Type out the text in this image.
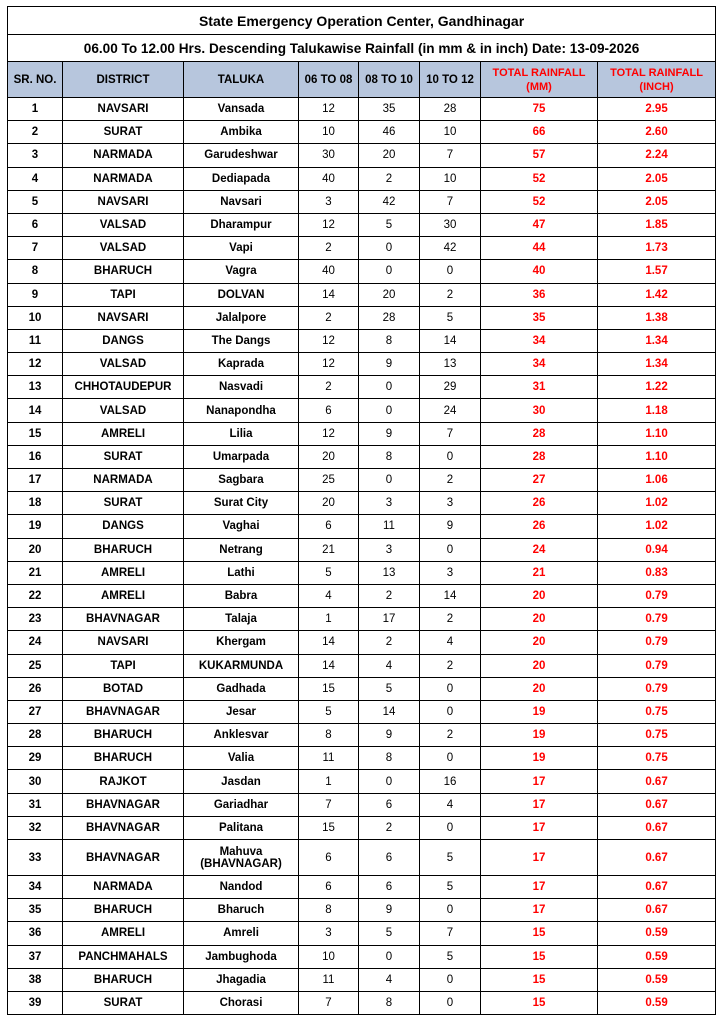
State Emergency Operation Center, Gandhinagar							
06.00 To 12.00 Hrs. Descending Talukawise Rainfall (in mm & in inch) Date: 13-09-2026							
SR. NO.	DISTRICT	TALUKA	06 TO 08	08 TO 10	10 TO 12	TOTAL RAINFALL (MM)	TOTAL RAINFALL (INCH)
1	NAVSARI	Vansada	12	35	28	75	2.95
2	SURAT	Ambika	10	46	10	66	2.60
3	NARMADA	Garudeshwar	30	20	7	57	2.24
4	NARMADA	Dediapada	40	2	10	52	2.05
5	NAVSARI	Navsari	3	42	7	52	2.05
6	VALSAD	Dharampur	12	5	30	47	1.85
7	VALSAD	Vapi	2	0	42	44	1.73
8	BHARUCH	Vagra	40	0	0	40	1.57
9	TAPI	DOLVAN	14	20	2	36	1.42
10	NAVSARI	Jalalpore	2	28	5	35	1.38
11	DANGS	The Dangs	12	8	14	34	1.34
12	VALSAD	Kaprada	12	9	13	34	1.34
13	CHHOTAUDEPUR	Nasvadi	2	0	29	31	1.22
14	VALSAD	Nanapondha	6	0	24	30	1.18
15	AMRELI	Lilia	12	9	7	28	1.10
16	SURAT	Umarpada	20	8	0	28	1.10
17	NARMADA	Sagbara	25	0	2	27	1.06
18	SURAT	Surat City	20	3	3	26	1.02
19	DANGS	Vaghai	6	11	9	26	1.02
20	BHARUCH	Netrang	21	3	0	24	0.94
21	AMRELI	Lathi	5	13	3	21	0.83
22	AMRELI	Babra	4	2	14	20	0.79
23	BHAVNAGAR	Talaja	1	17	2	20	0.79
24	NAVSARI	Khergam	14	2	4	20	0.79
25	TAPI	KUKARMUNDA	14	4	2	20	0.79
26	BOTAD	Gadhada	15	5	0	20	0.79
27	BHAVNAGAR	Jesar	5	14	0	19	0.75
28	BHARUCH	Anklesvar	8	9	2	19	0.75
29	BHARUCH	Valia	11	8	0	19	0.75
30	RAJKOT	Jasdan	1	0	16	17	0.67
31	BHAVNAGAR	Gariadhar	7	6	4	17	0.67
32	BHAVNAGAR	Palitana	15	2	0	17	0.67
33	BHAVNAGAR	Mahuva (BHAVNAGAR)	6	6	5	17	0.67
34	NARMADA	Nandod	6	6	5	17	0.67
35	BHARUCH	Bharuch	8	9	0	17	0.67
36	AMRELI	Amreli	3	5	7	15	0.59
37	PANCHMAHALS	Jambughoda	10	0	5	15	0.59
38	BHARUCH	Jhagadia	11	4	0	15	0.59
39	SURAT	Chorasi	7	8	0	15	0.59
